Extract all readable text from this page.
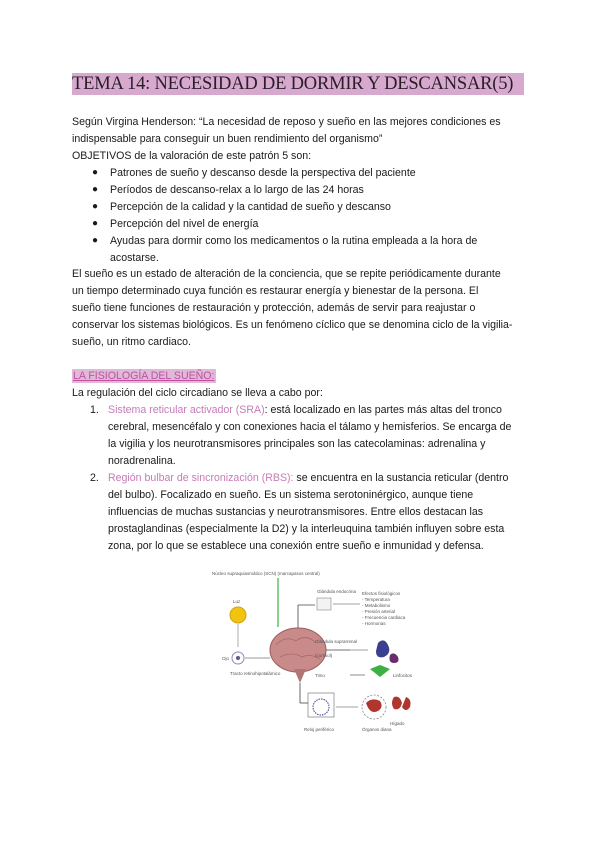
TEMA 14: NECESIDAD DE DORMIR Y DESCANSAR(5)
Según Virgina Henderson: “La necesidad de reposo y sueño en las mejores condiciones es
indispensable para conseguir un buen rendimiento del organismo”
OBJETIVOS de la valoración de este patrón 5 son:
● Patrones de sueño y descanso desde la perspectiva del paciente
● Períodos de descanso-relax a lo largo de las 24 horas
● Percepción de la calidad y la cantidad de sueño y descanso
● Percepción del nivel de energía
● Ayudas para dormir como los medicamentos o la rutina empleada a la hora de
acostarse.
El sueño es un estado de alteración de la conciencia, que se repite periódicamente durante
un tiempo determinado cuya función es restaurar energía y bienestar de la persona. El
sueño tiene funciones de restauración y protección, además de servir para reajustar o
conservar los sistemas biológicos. Es un fenómeno cíclico que se denomina ciclo de la vigilia-
sueño, un ritmo cardiaco.
LA FISIOLOGÍA DEL SUEÑO:
La regulación del ciclo circadiano se lleva a cabo por:
1. Sistema reticular activador (SRA): está localizado en las partes más altas del tronco
cerebral, mesencéfalo y con conexiones hacia el tálamo y hemisferios. Se encarga de
la vigilia y los neurotransmisores principales son las catecolaminas: adrenalina y
noradrenalina.
2. Región bulbar de sincronización (RBS): se encuentra en la sustancia reticular (dentro
del bulbo). Focalizado en sueño. Es un sistema serotoninérgico, aunque tiene
influencias de muchas sustancias y neurotransmisores. Entre ellos destacan las
prostaglandinas (especialmente la D2) y la interleuquina también influyen sobre esta
zona, por lo que se establece una conexión entre sueño e inmunidad y defensa.
Núcleo supraquiasmático (SCN) (marcapasos central)
Luz
Ojo
Tracto retinohipotalámico
Glándula endocrina Efectos fisiológicos
- Temperatura
- Metabolismo
- Presión arterial
- Frecuencia cardiaca
- Hormonas
Glándula suprarrenal
(cortisol)
Timo	Linfocitos
Reloj periférico	Órganos diana
Hígado
